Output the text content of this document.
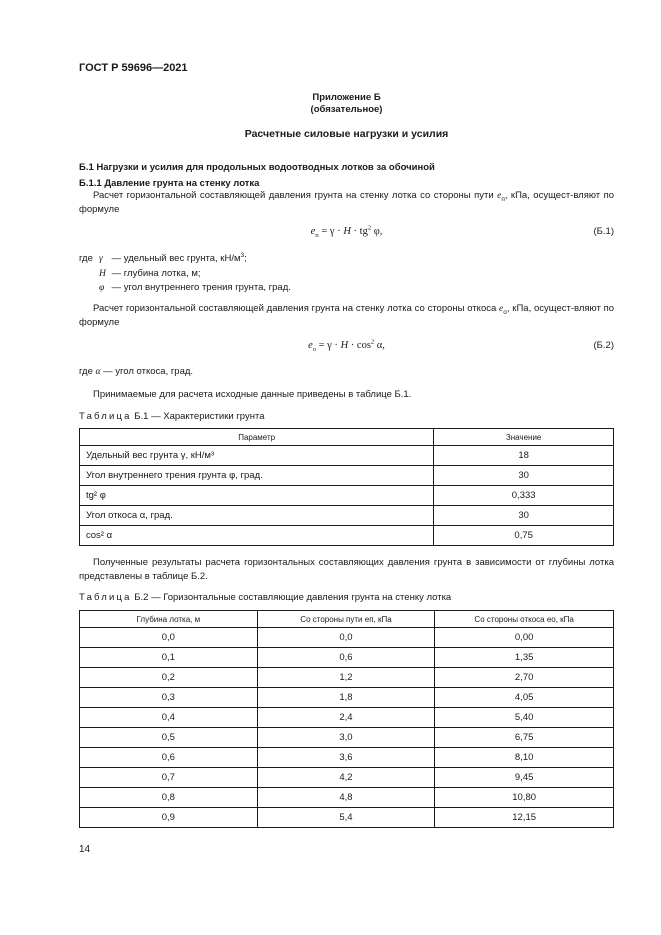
ГОСТ Р 59696—2021
Приложение Б
(обязательное)
Расчетные силовые нагрузки и усилия
Б.1 Нагрузки и усилия для продольных водоотводных лотков за обочиной
Б.1.1 Давление грунта на стенку лотка
Расчет горизонтальной составляющей давления грунта на стенку лотка со стороны пути $e_п$, кПа, осущест-вляют по формуле
$e_п = \gamma \cdot H \cdot tg^2$ φ,	(Б.1)
где γ — удельный вес грунта, $кН/м^3$;
H — глубина лотка, м;
φ — угол внутреннего трения грунта, град.
Расчет горизонтальной составляющей давления грунта на стенку лотка со стороны откоса $e_о$, кПа, осущест-вляют по формуле
$e_о = \gamma \cdot H \cdot \cos^2 \alpha$,	(Б.2)
где α — угол откоса, град.
Принимаемые для расчета исходные данные приведены в таблице Б.1.
Таблица Б.1 — Характеристики грунта
Параметр	Значение
Удельный вес грунта γ, кН/м³	18
Угол внутреннего трения грунта φ, град.	30
tg² φ	0,333
Угол откоса α, град.	30
cos² α	0,75
Полученные результаты расчета горизонтальных составляющих давления грунта в зависимости от глубины лотка представлены в таблице Б.2.
Таблица Б.2 — Горизонтальные составляющие давления грунта на стенку лотка
Глубина лотка, м	Со стороны пути eп, кПа	Со стороны откоса eо, кПа
0,0	0,0	0,00
0,1	0,6	1,35
0,2	1,2	2,70
0,3	1,8	4,05
0,4	2,4	5,40
0,5	3,0	6,75
0,6	3,6	8,10
0,7	4,2	9,45
0,8	4,8	10,80
0,9	5,4	12,15
14
